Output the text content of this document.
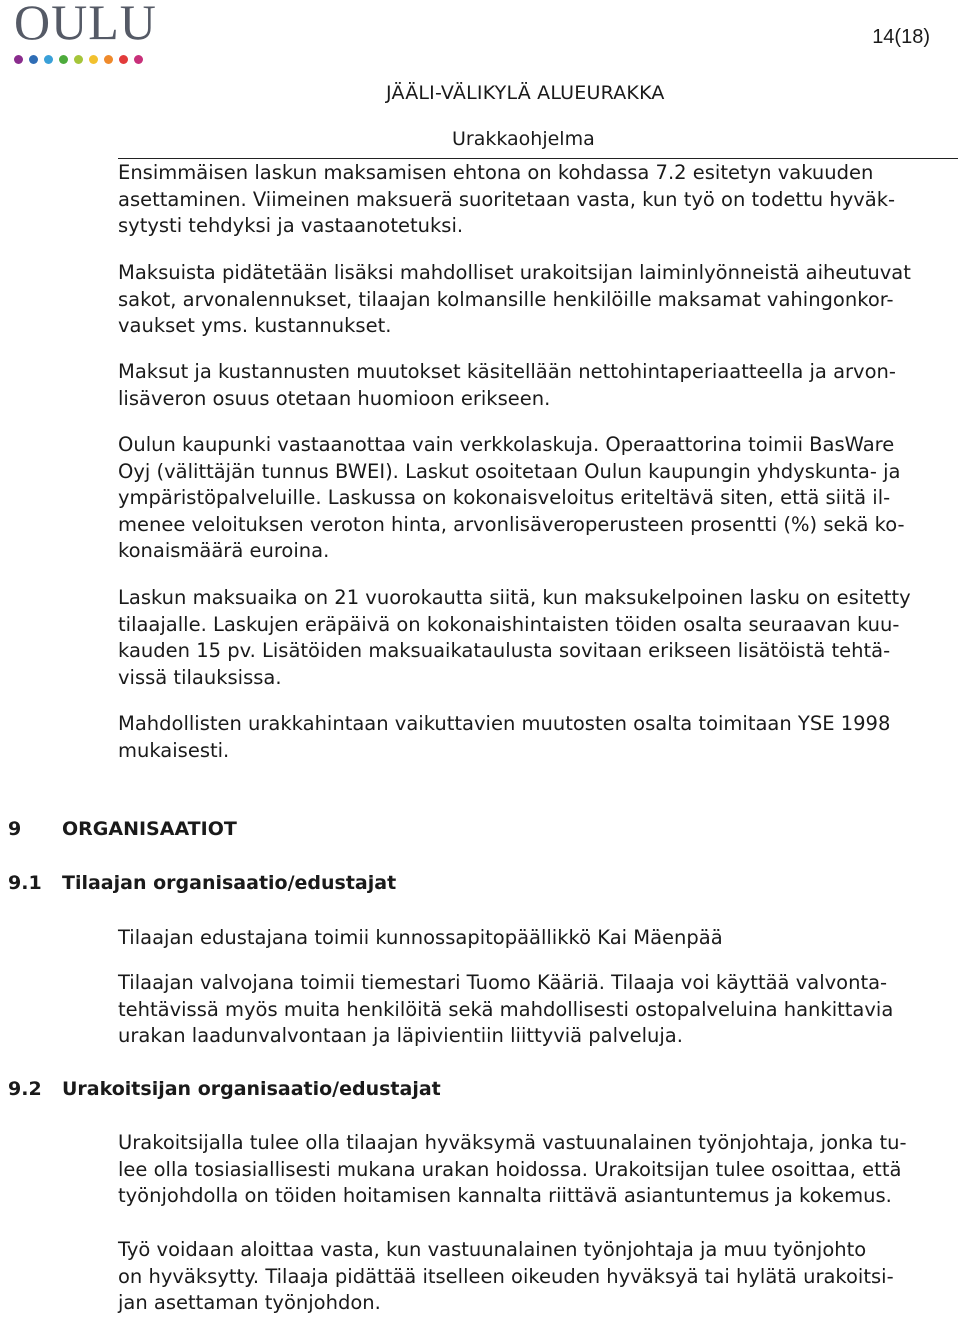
OULU	14(18)
JÄÄLI-VÄLIKYLÄ ALUEURAKKA
Urakkaohjelma

Ensimmäisen laskun maksamisen ehtona on kohdassa 7.2 esitetyn vakuuden
asettaminen. Viimeinen maksuerä suoritetaan vasta, kun työ on todettu hyväk-
sytysti tehdyksi ja vastaanotetuksi.

Maksuista pidätetään lisäksi mahdolliset urakoitsijan laiminlyönneistä aiheutuvat
sakot, arvonalennukset, tilaajan kolmansille henkilöille maksamat vahingonkor-
vaukset yms. kustannukset.

Maksut ja kustannusten muutokset käsitellään nettohintaperiaatteella ja arvon-
lisäveron osuus otetaan huomioon erikseen.

Oulun kaupunki vastaanottaa vain verkkolaskuja. Operaattorina toimii BasWare
Oyj (välittäjän tunnus BWEI). Laskut osoitetaan Oulun kaupungin yhdyskunta- ja
ympäristöpalveluille. Laskussa on kokonaisveloitus eriteltävä siten, että siitä il-
menee veloituksen veroton hinta, arvonlisäveroperusteen prosentti (%) sekä ko-
konaismäärä euroina.

Laskun maksuaika on 21 vuorokautta siitä, kun maksukelpoinen lasku on esitetty
tilaajalle. Laskujen eräpäivä on kokonaishintaisten töiden osalta seuraavan kuu-
kauden 15 pv. Lisätöiden maksuaikataulusta sovitaan erikseen lisätöistä tehtä-
vissä tilauksissa.

Mahdollisten urakkahintaan vaikuttavien muutosten osalta toimitaan YSE 1998
mukaisesti.

9 ORGANISAATIOT
9.1 Tilaajan organisaatio/edustajat

Tilaajan edustajana toimii kunnossapitopäällikkö Kai Mäenpää

Tilaajan valvojana toimii tiemestari Tuomo Kääriä. Tilaaja voi käyttää valvonta-
tehtävissä myös muita henkilöitä sekä mahdollisesti ostopalveluina hankittavia
urakan laadunvalvontaan ja läpivientiin liittyviä palveluja.

9.2 Urakoitsijan organisaatio/edustajat

Urakoitsijalla tulee olla tilaajan hyväksymä vastuunalainen työnjohtaja, jonka tu-
lee olla tosiasiallisesti mukana urakan hoidossa. Urakoitsijan tulee osoittaa, että
työnjohdolla on töiden hoitamisen kannalta riittävä asiantuntemus ja kokemus.

Työ voidaan aloittaa vasta, kun vastuunalainen työnjohtaja ja muu työnjohto
on hyväksytty. Tilaaja pidättää itselleen oikeuden hyväksyä tai hylätä urakoitsi-
jan asettaman työnjohdon.
